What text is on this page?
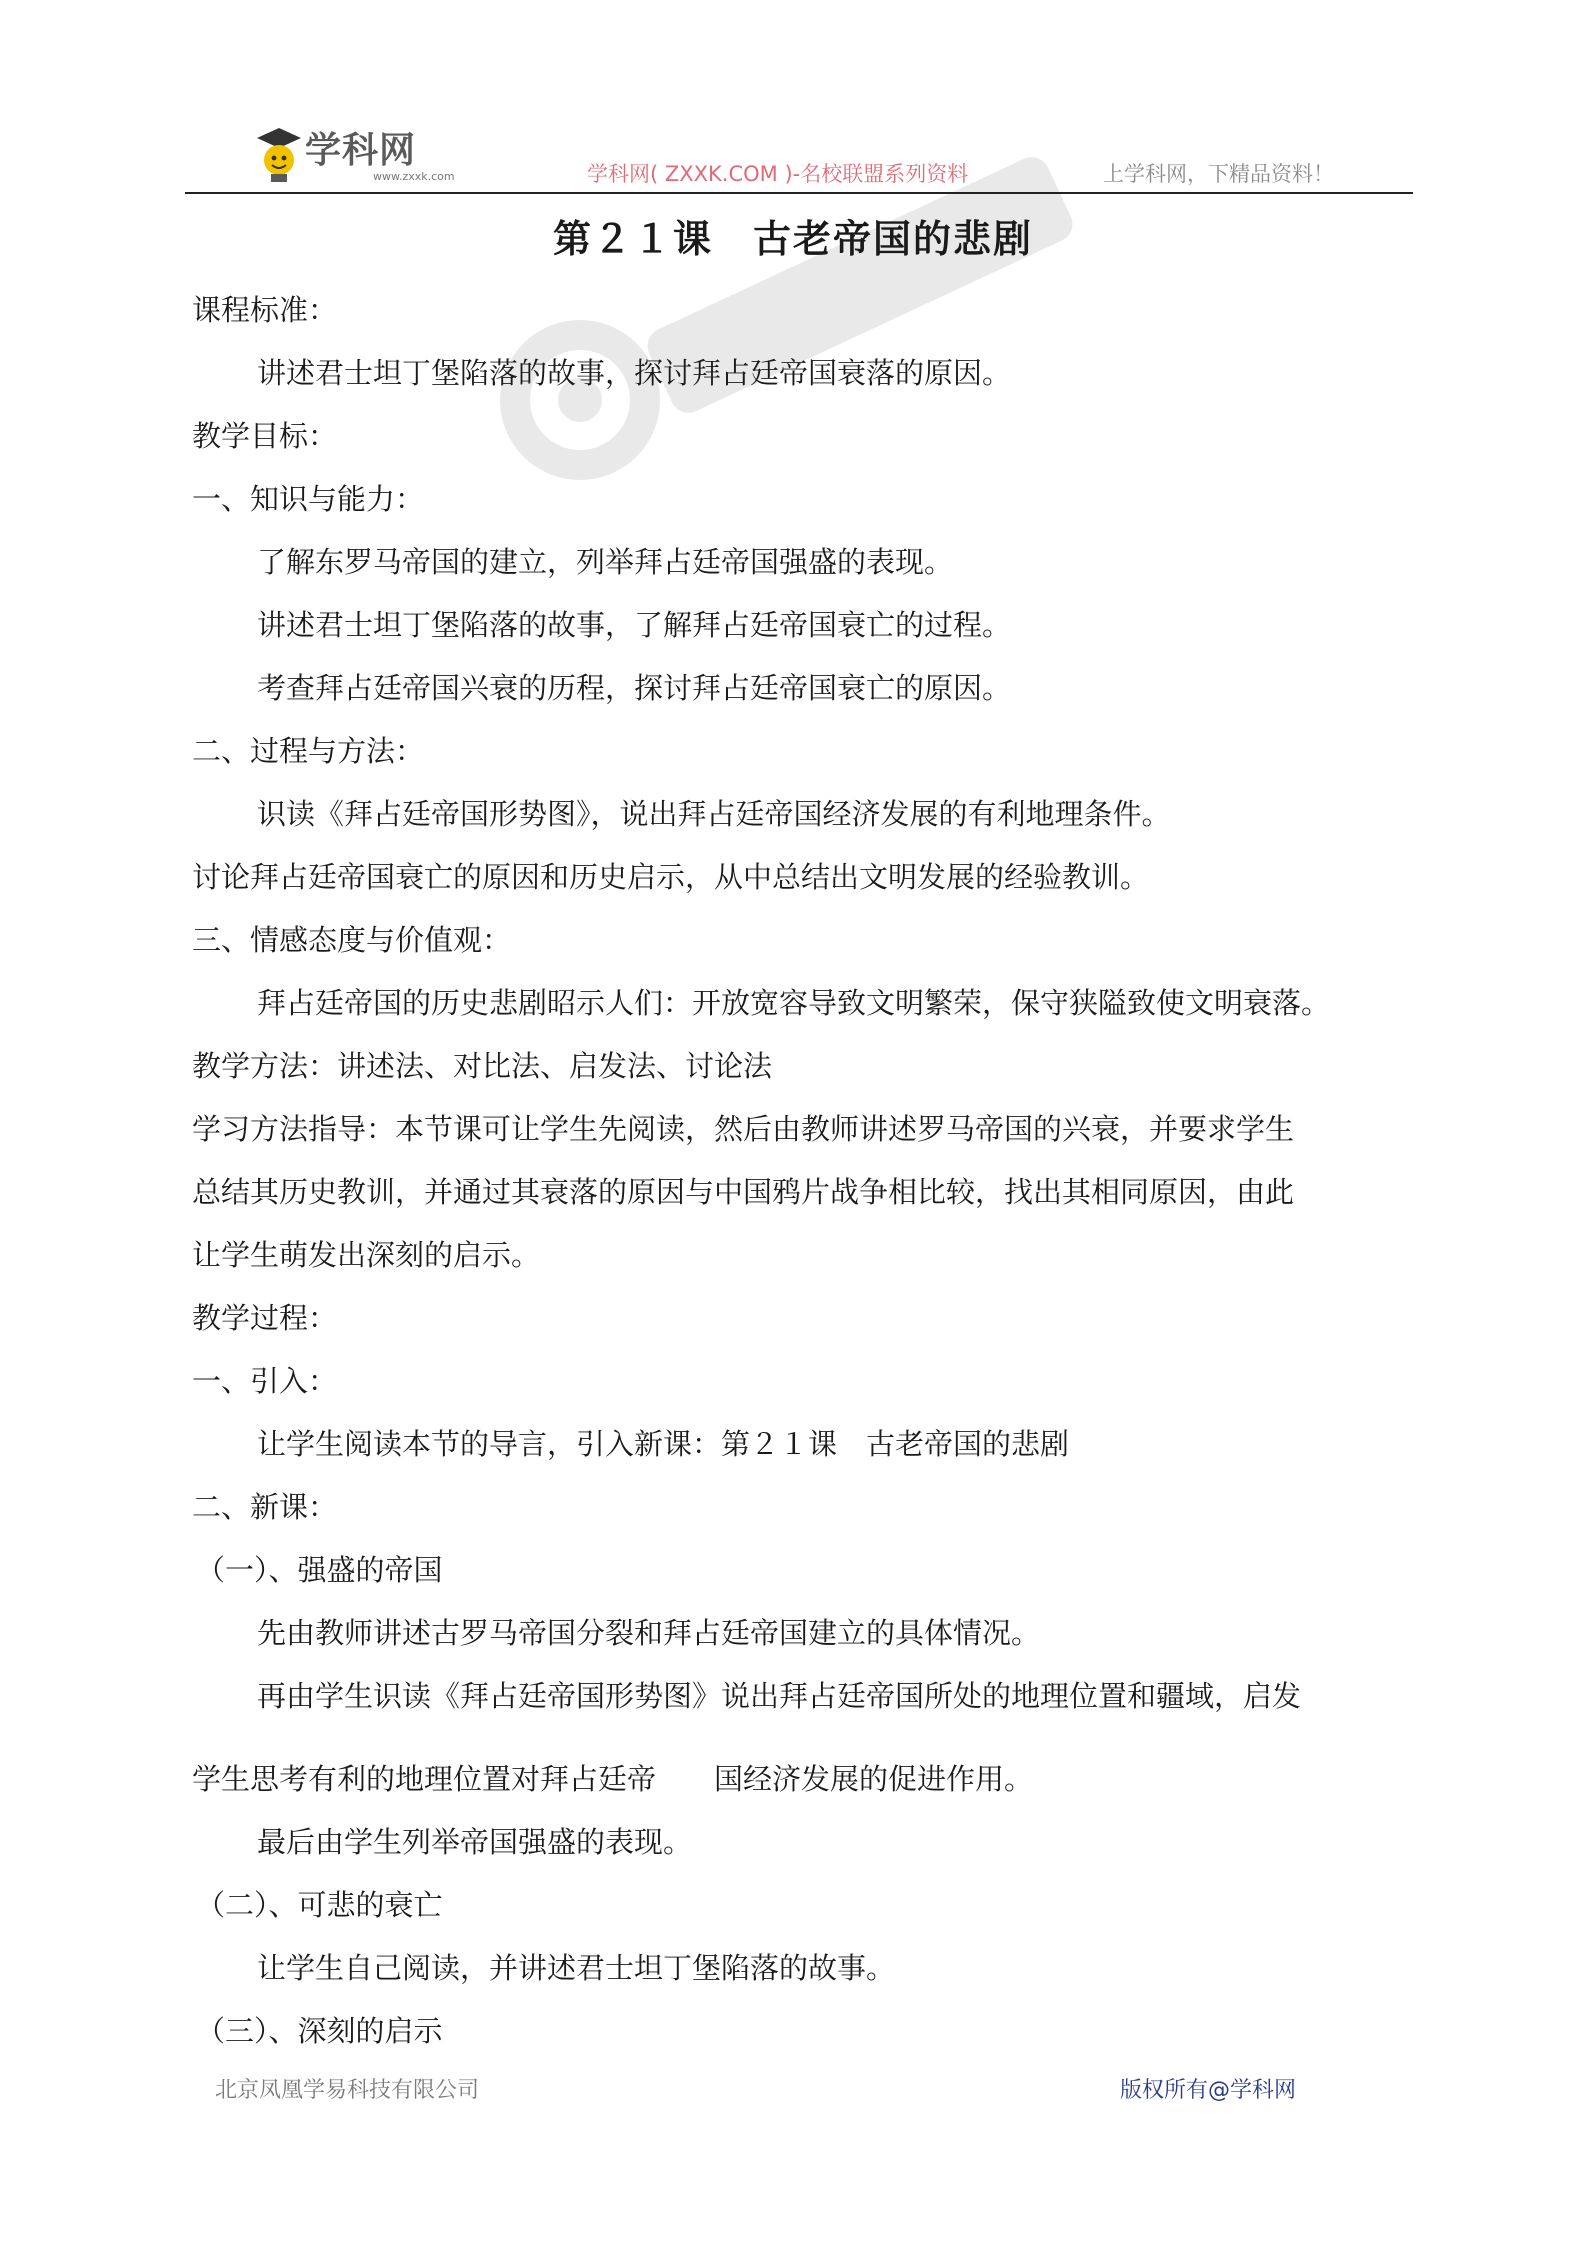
学科网
www.zxxk.com	学科网( ZXXK.COM )-名校联盟系列资料	上学科网，下精品资料！
第２１课　古老帝国的悲剧
课程标准：
讲述君士坦丁堡陷落的故事，探讨拜占廷帝国衰落的原因。
教学目标：
一、知识与能力：
了解东罗马帝国的建立，列举拜占廷帝国强盛的表现。
讲述君士坦丁堡陷落的故事，了解拜占廷帝国衰亡的过程。
考查拜占廷帝国兴衰的历程，探讨拜占廷帝国衰亡的原因。
二、过程与方法：
识读《拜占廷帝国形势图》，说出拜占廷帝国经济发展的有利地理条件。
讨论拜占廷帝国衰亡的原因和历史启示，从中总结出文明发展的经验教训。
三、情感态度与价值观：
拜占廷帝国的历史悲剧昭示人们：开放宽容导致文明繁荣，保守狭隘致使文明衰落。
教学方法：讲述法、对比法、启发法、讨论法
学习方法指导：本节课可让学生先阅读，然后由教师讲述罗马帝国的兴衰，并要求学生
总结其历史教训，并通过其衰落的原因与中国鸦片战争相比较，找出其相同原因，由此
让学生萌发出深刻的启示。
教学过程：
一、引入：
让学生阅读本节的导言，引入新课：第２１课　古老帝国的悲剧
二、新课：
（一）、强盛的帝国
先由教师讲述古罗马帝国分裂和拜占廷帝国建立的具体情况。
再由学生识读《拜占廷帝国形势图》说出拜占廷帝国所处的地理位置和疆域，启发
学生思考有利的地理位置对拜占廷帝　　国经济发展的促进作用。
最后由学生列举帝国强盛的表现。
（二）、可悲的衰亡
让学生自己阅读，并讲述君士坦丁堡陷落的故事。
（三）、深刻的启示
北京凤凰学易科技有限公司	版权所有@学科网
